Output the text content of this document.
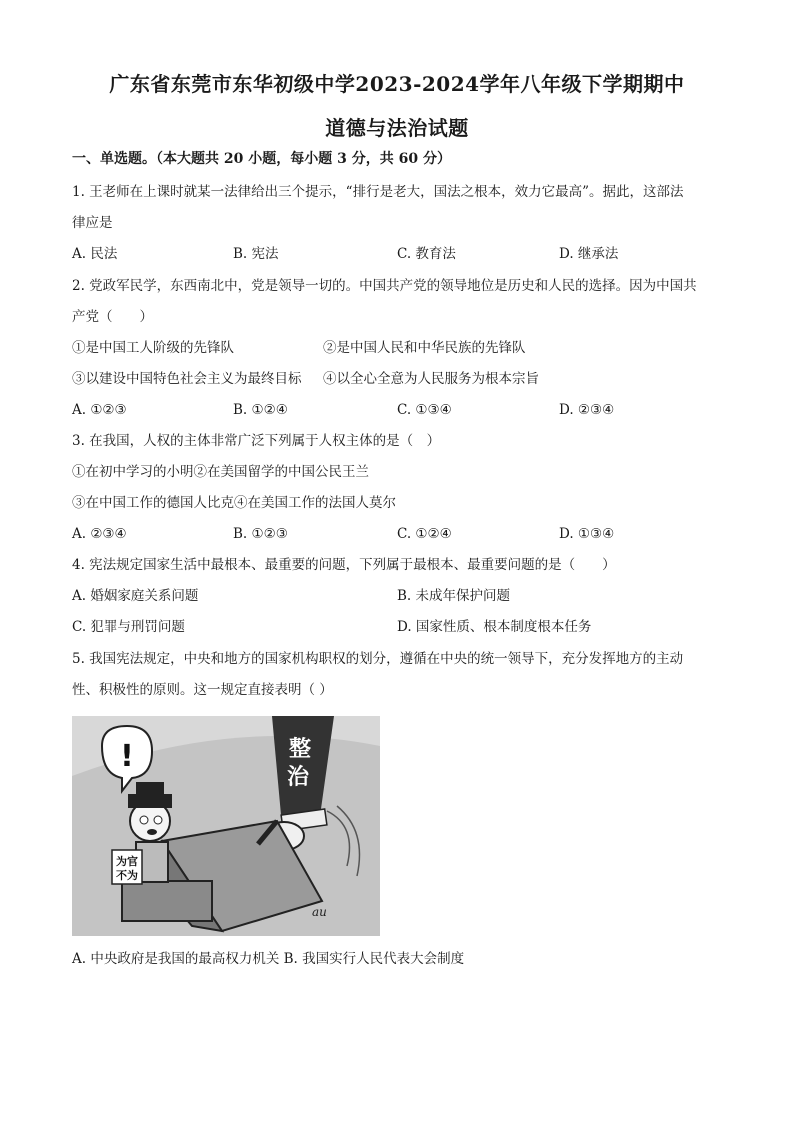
广东省东莞市东华初级中学2023-2024学年八年级下学期期中
道德与法治试题
一、单选题。（本大题共 20 小题，每小题 3 分，共 60 分）
1. 王老师在上课时就某一法律给出三个提示，“排行是老大，国法之根本，效力它最高”。据此，这部法
律应是
A. 民法	B. 宪法	C. 教育法	D. 继承法
2. 党政军民学，东西南北中，党是领导一切的。中国共产党的领导地位是历史和人民的选择。因为中国共
产党（　　）
①是中国工人阶级的先锋队	②是中国人民和中华民族的先锋队
③以建设中国特色社会主义为最终目标 ④以全心全意为人民服务为根本宗旨
A. ①②③	B. ①②④	C. ①③④	D. ②③④
3. 在我国，人权的主体非常广泛下列属于人权主体的是（　）
①在初中学习的小明②在美国留学的中国公民王兰
③在中国工作的德国人比克④在美国工作的法国人莫尔
A. ②③④	B. ①②③	C. ①②④	D. ①③④
4. 宪法规定国家生活中最根本、最重要的问题，下列属于最根本、最重要问题的是（　　）
A. 婚姻家庭关系问题	B. 未成年保护问题
C. 犯罪与刑罚问题	D. 国家性质、根本制度根本任务
5. 我国宪法规定，中央和地方的国家机构职权的划分，遵循在中央的统一领导下，充分发挥地方的主动
性、积极性的原则。这一规定直接表明（ ）
!	整
治
为官
不为
au
A. 中央政府是我国的最高权力机关 B. 我国实行人民代表大会制度
